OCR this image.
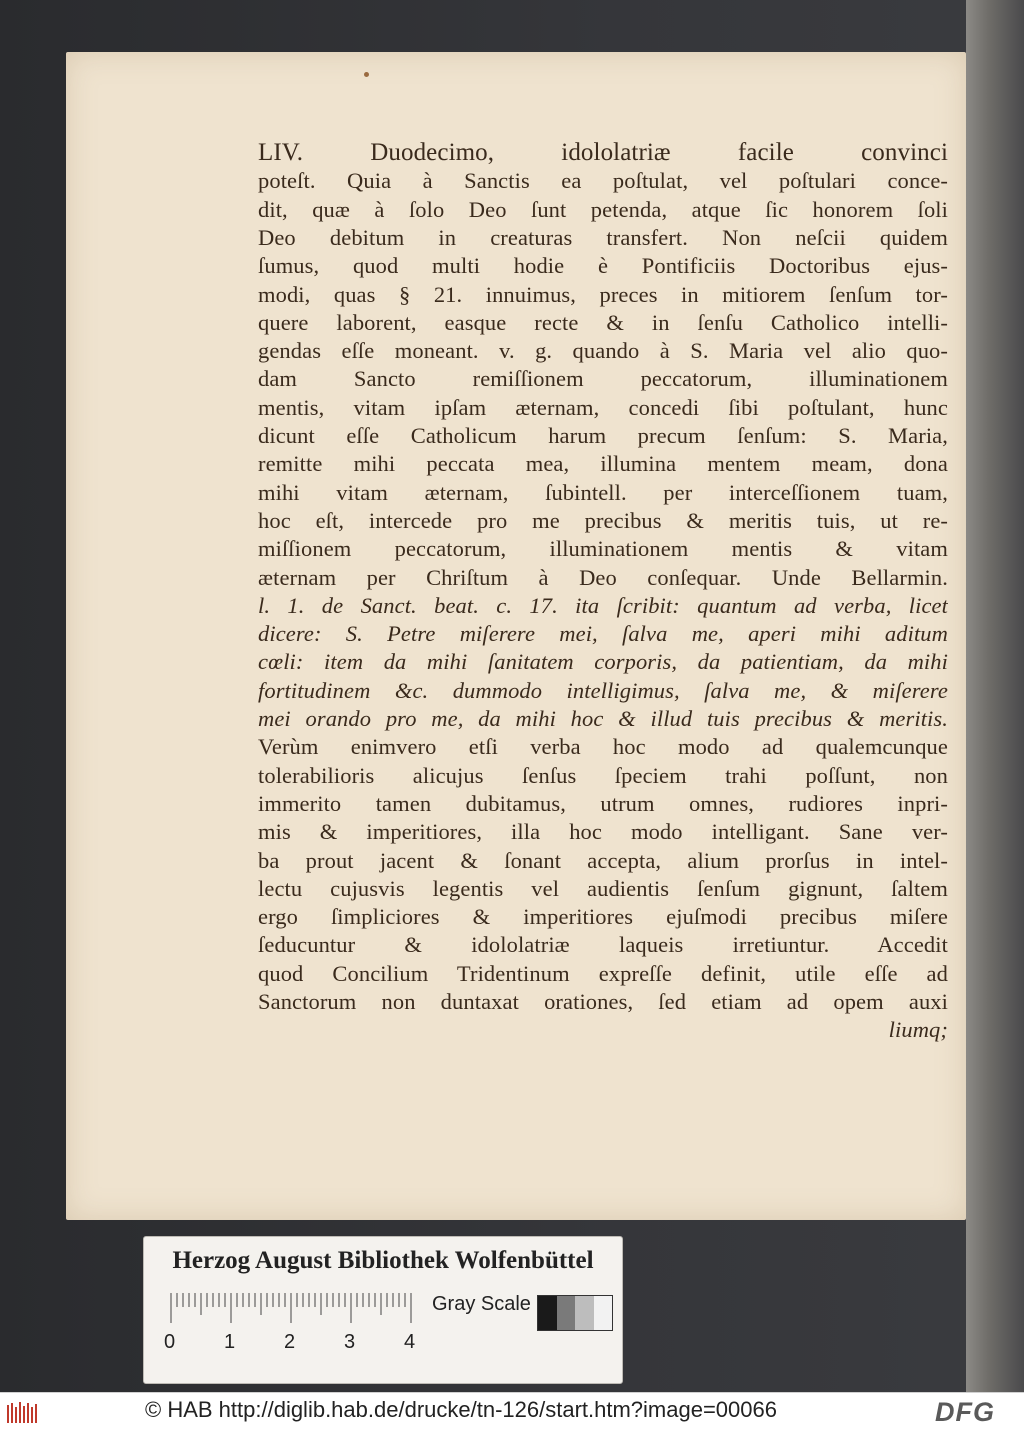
LIV. Duodecimo, idololatriæ facile convinci
poteſt. Quia à Sanctis ea poſtulat, vel poſtulari conce-
dit, quæ à ſolo Deo ſunt petenda, atque ſic honorem ſoli
Deo debitum in creaturas transfert. Non neſcii quidem
ſumus, quod multi hodie è Pontificiis Doctoribus ejus-
modi, quas § 21. innuimus, preces in mitiorem ſenſum tor-
quere laborent, easque recte & in ſenſu Catholico intelli-
gendas eſſe moneant. v. g. quando à S. Maria vel alio quo-
dam Sancto remiſſionem peccatorum, illuminationem
mentis, vitam ipſam æternam, concedi ſibi poſtulant, hunc
dicunt eſſe Catholicum harum precum ſenſum: S. Maria,
remitte mihi peccata mea, illumina mentem meam, dona
mihi vitam æternam, ſubintell. per interceſſionem tuam,
hoc eſt, intercede pro me precibus & meritis tuis, ut re-
miſſionem peccatorum, illuminationem mentis & vitam
æternam per Chriſtum à Deo conſequar. Unde Bellarmin.
l. 1. de Sanct. beat. c. 17. ita ſcribit: quantum ad verba, licet
dicere: S. Petre miſerere mei, ſalva me, aperi mihi aditum
cœli: item da mihi ſanitatem corporis, da patientiam, da mihi
fortitudinem &c. dummodo intelligimus, ſalva me, & miſerere
mei orando pro me, da mihi hoc & illud tuis precibus & meritis.
Verùm enimvero etſi verba hoc modo ad qualemcunque
tolerabilioris alicujus ſenſus ſpeciem trahi poſſunt, non
immerito tamen dubitamus, utrum omnes, rudiores inpri-
mis & imperitiores, illa hoc modo intelligant. Sane ver-
ba prout jacent & ſonant accepta, alium prorſus in intel-
lectu cujusvis legentis vel audientis ſenſum gignunt, ſaltem
ergo ſimpliciores & imperitiores ejuſmodi precibus miſere
ſeducuntur & idololatriæ laqueis irretiuntur. Accedit
quod Concilium Tridentinum expreſſe definit, utile eſſe ad
Sanctorum non duntaxat orationes, ſed etiam ad opem auxi
liumq;
Herzog August Bibliothek Wolfenbüttel
0 1 2 3 4
Gray Scale
© HAB http://diglib.hab.de/drucke/tn-126/start.htm?image=00066	DFG
